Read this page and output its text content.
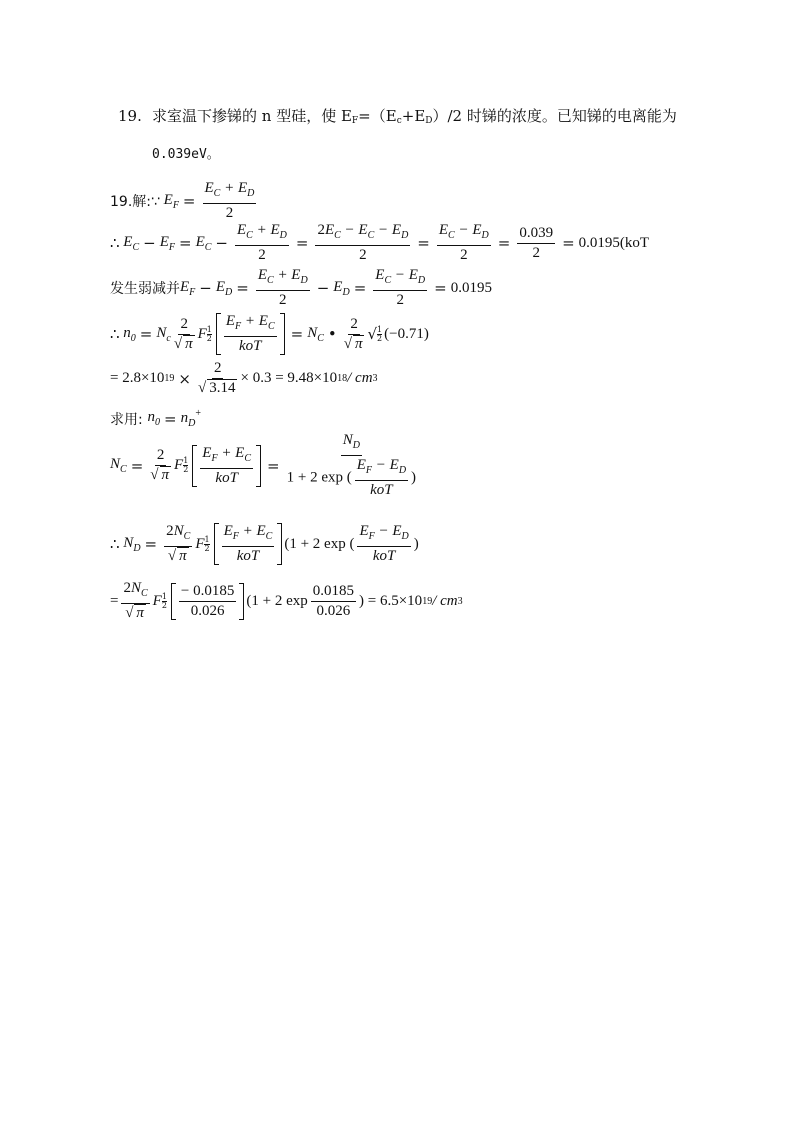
19. 求室温下掺锑的 n 型硅，使 $E_F=(E_c+E_D)/2$ 时锑的浓度。已知锑的电离能为
0.039eV。
19.解:∵ $E_F = \frac{E_C + E_D}{2}$
∴ $E_C - E_F = E_C - \frac{E_C + E_D}{2} = \frac{2E_C - E_C - E_D}{2} = \frac{E_C - E_D}{2} = \frac{0.039}{2} = 0.0195(koT$
发生弱减并 $E_F - E_D = \frac{E_C + E_D}{2} - E_D = \frac{E_C - E_D}{2} = 0.0195$
∴ $n_0 = N_c \frac{2}{√ \pi}$ F 1
$2 \frac{E_F + E_C}{\text{koT}} = N_C$ • $\frac{2}{√ \pi}$ √ 1
2 (−0.71)
= 2.8×10 $19 \times \frac{2}{√ 3.14} \times 0.3 = 9.48\times 10$ 18 / cm 3
求用:
$n_0 = n_D^+$
$N_C = \frac{2}{√ \pi}$ F 1
$2 \frac{E_F + E_C}{\text{koT}} = \frac{N_D}{1 + 2 \exp ( \frac{E_F - E_D}{\text{koT}} )}$
∴ $N_D = \frac{2N_C}{√ \pi}$ F 1
$2 \frac{E_F + E_C}{\text{koT}} (1 + 2$ exp ( $\frac{E_F - E_D}{\text{koT}}$ )
= $\frac{2N_C}{√ \pi}$ F 1
$2 \frac{- 0.0185}{0.026} (1 + 2$ $\exp \frac{0.0185}{0.026}$ ) = 6.5×10 19 / cm 3
